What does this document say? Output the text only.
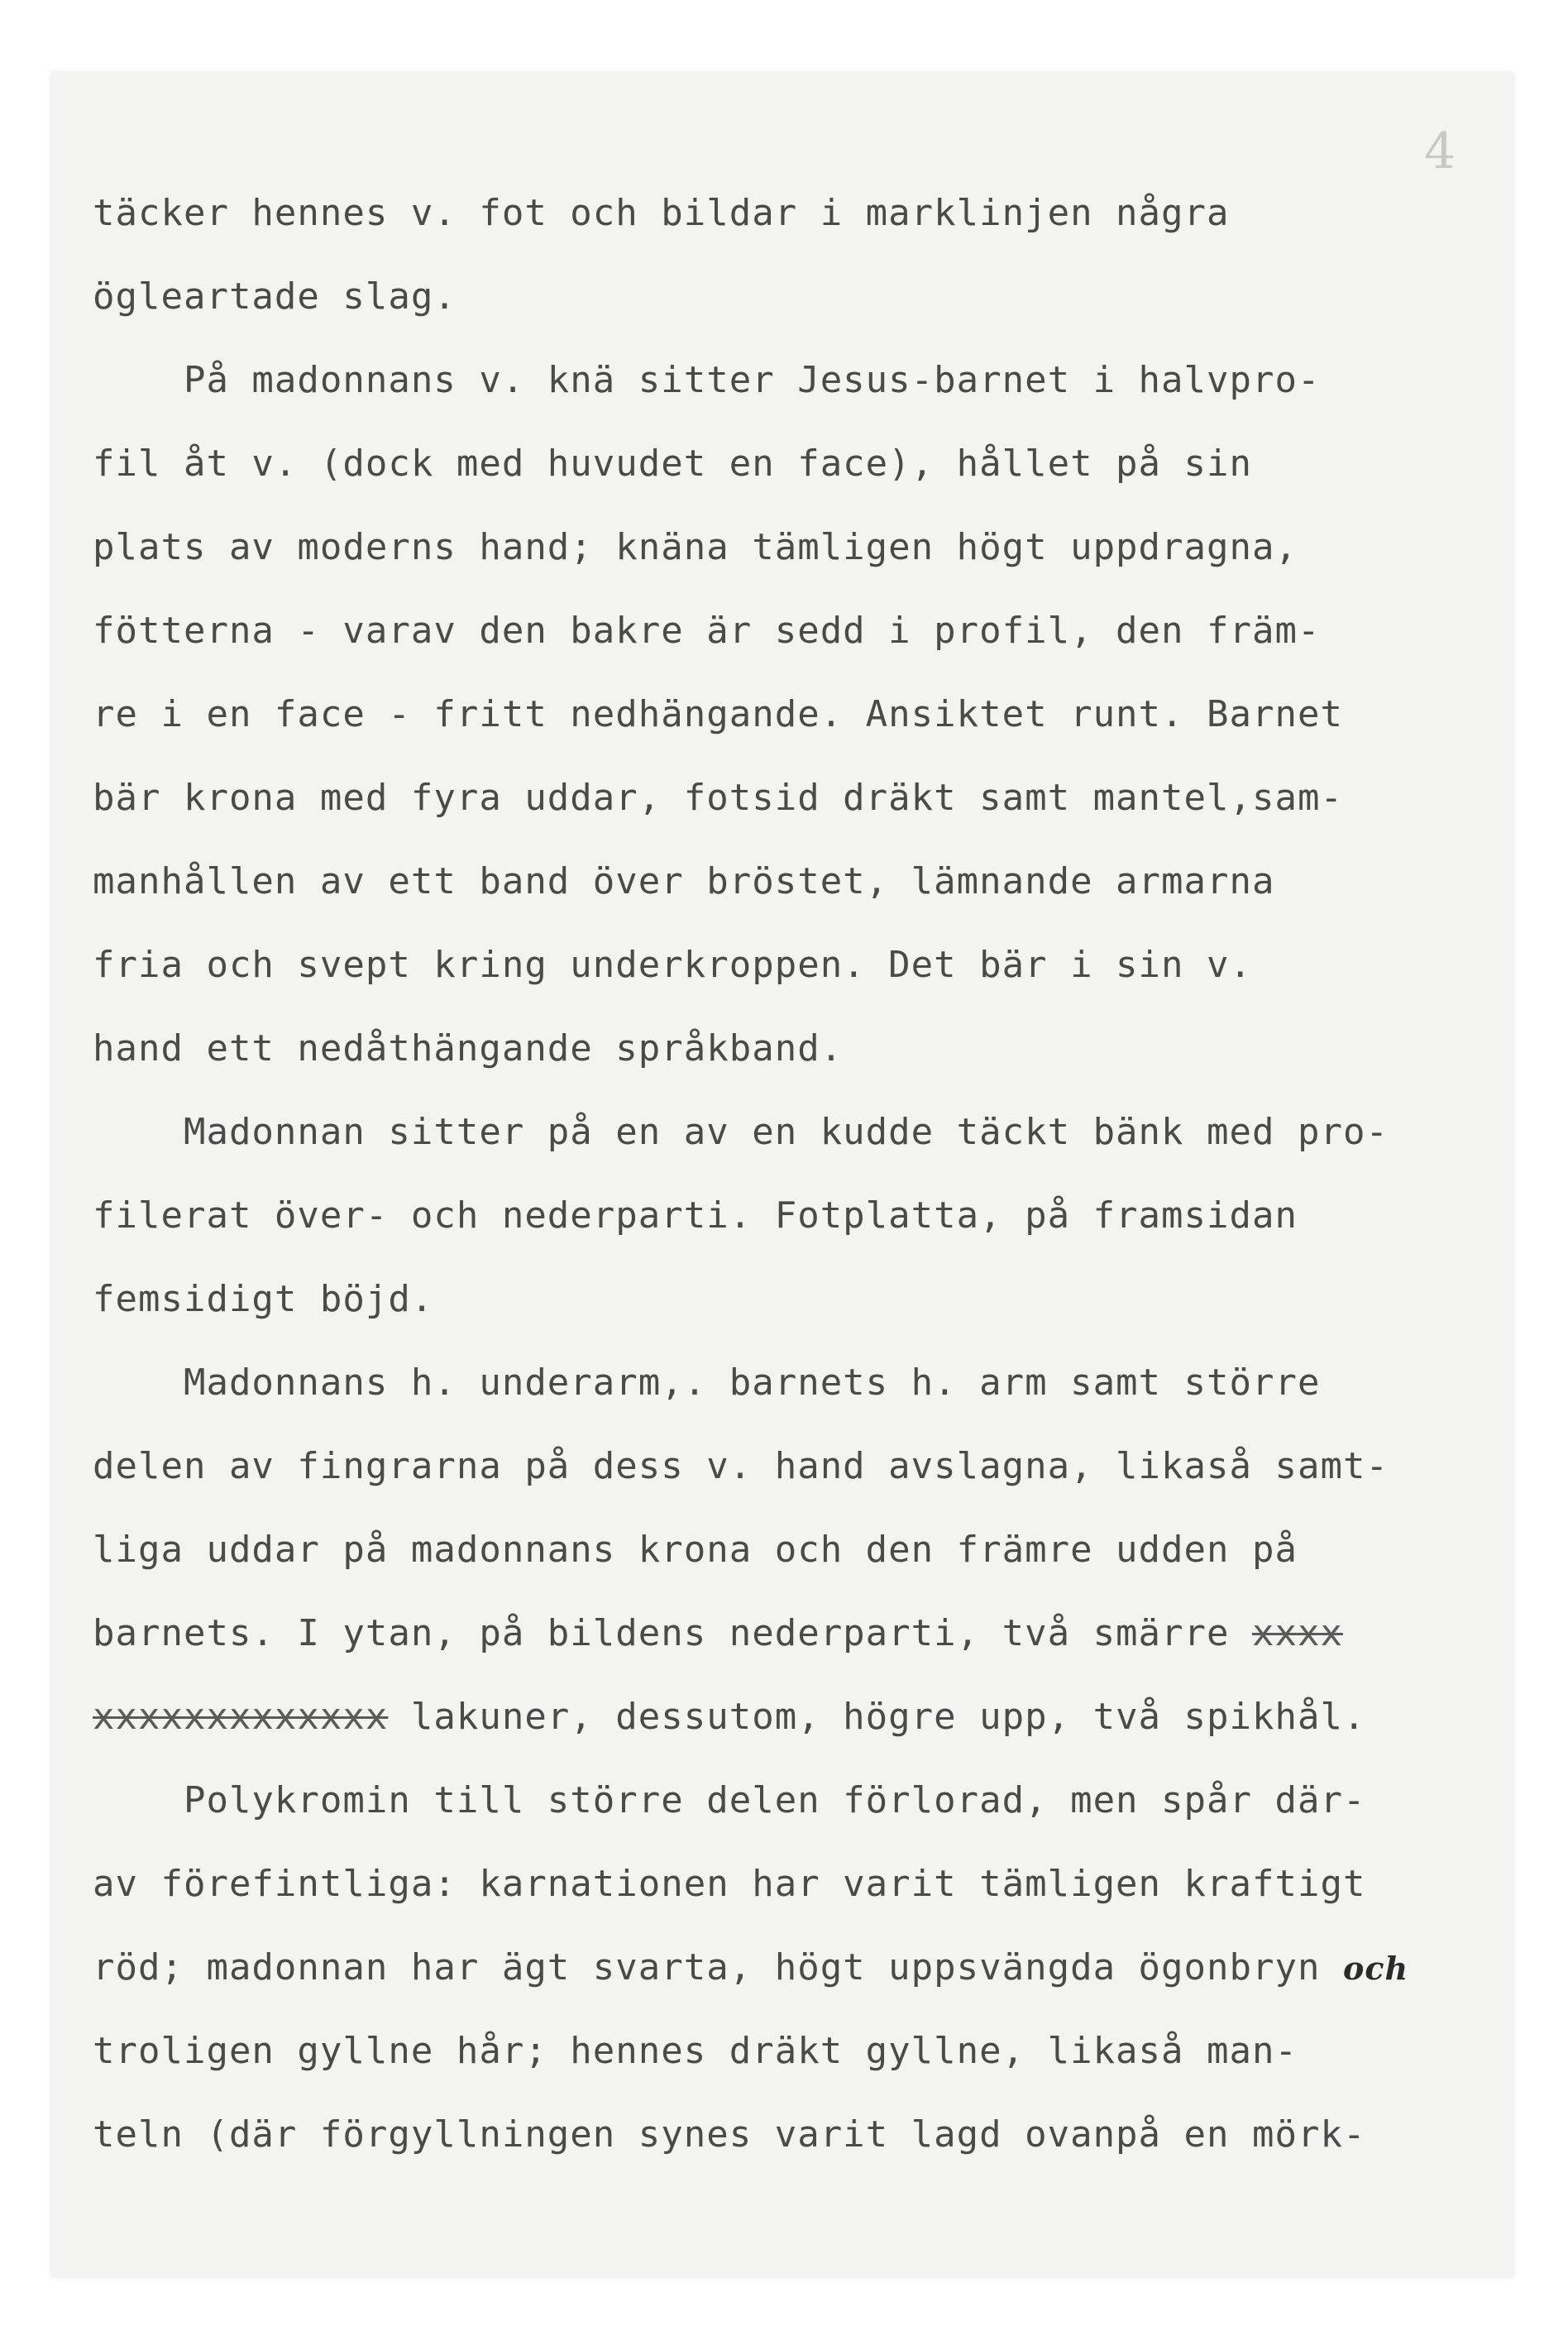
4
täcker hennes v. fot och bildar i marklinjen några
ögleartade slag.
På madonnans v. knä sitter Jesus-barnet i halvpro-
fil åt v. (dock med huvudet en face), hållet på sin
plats av moderns hand; knäna tämligen högt uppdragna,
fötterna - varav den bakre är sedd i profil, den främ-
re i en face - fritt nedhängande. Ansiktet runt. Barnet
bär krona med fyra uddar, fotsid dräkt samt mantel,sam-
manhållen av ett band över bröstet, lämnande armarna
fria och svept kring underkroppen. Det bär i sin v.
hand ett nedåthängande språkband.
Madonnan sitter på en av en kudde täckt bänk med pro-
filerat över- och nederparti. Fotplatta, på framsidan
femsidigt böjd.
Madonnans h. underarm,. barnets h. arm samt större
delen av fingrarna på dess v. hand avslagna, likaså samt-
liga uddar på madonnans krona och den främre udden på
barnets. I ytan, på bildens nederparti, två smärre xxxx
xxxxxxxxxxxxx lakuner, dessutom, högre upp, två spikhål.
Polykromin till större delen förlorad, men spår där-
av förefintliga: karnationen har varit tämligen kraftigt
röd; madonnan har ägt svarta, högt uppsvängda ögonbryn och
troligen gyllne hår; hennes dräkt gyllne, likaså man-
teln (där förgyllningen synes varit lagd ovanpå en mörk-
